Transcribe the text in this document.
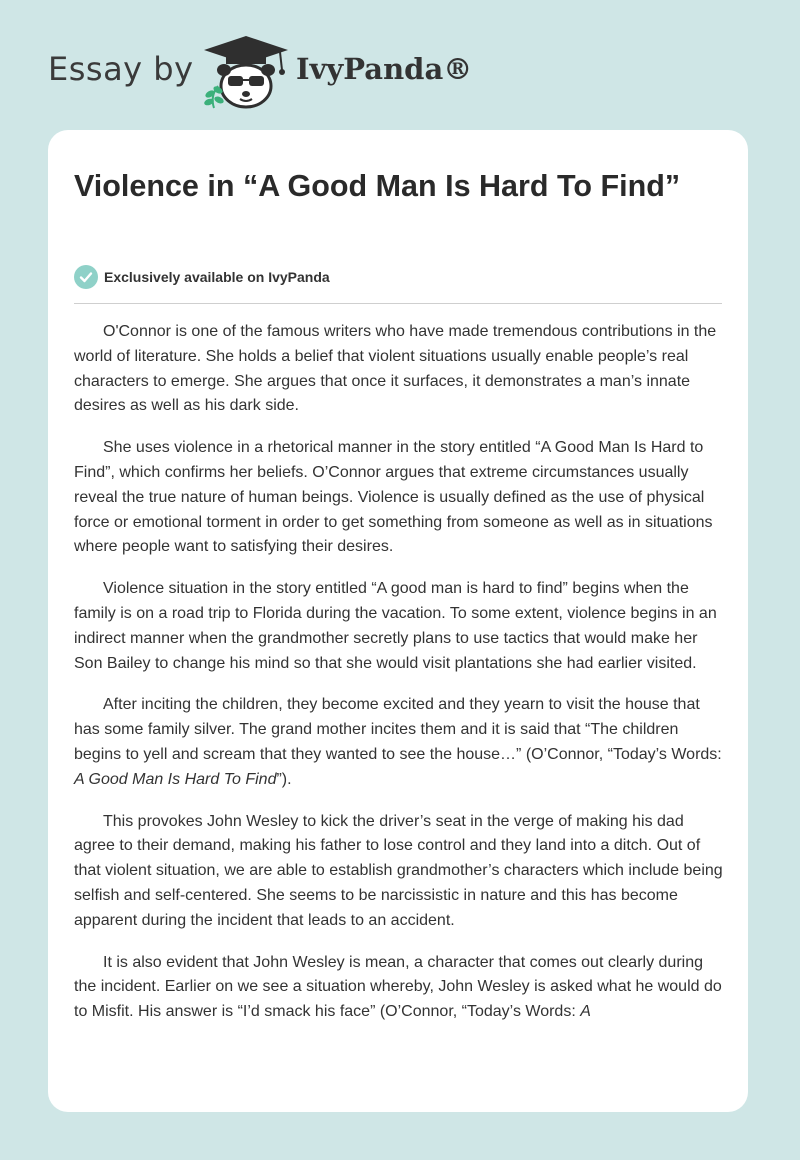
Essay by	IvyPanda®
Violence in “A Good Man Is Hard To Find”
Exclusively available on IvyPanda

O'Connor is one of the famous writers who have made tremendous contributions in the world of literature. She holds a belief that violent situations usually enable people’s real characters to emerge. She argues that once it surfaces, it demonstrates a man’s innate desires as well as his dark side.

She uses violence in a rhetorical manner in the story entitled “A Good Man Is Hard to Find”, which confirms her beliefs. O’Connor argues that extreme circumstances usually reveal the true nature of human beings. Violence is usually defined as the use of physical force or emotional torment in order to get something from someone as well as in situations where people want to satisfying their desires.

Violence situation in the story entitled “A good man is hard to find” begins when the family is on a road trip to Florida during the vacation. To some extent, violence begins in an indirect manner when the grandmother secretly plans to use tactics that would make her Son Bailey to change his mind so that she would visit plantations she had earlier visited.

After inciting the children, they become excited and they yearn to visit the house that has some family silver. The grand mother incites them and it is said that “The children begins to yell and scream that they wanted to see the house…” (O’Connor, “Today’s Words: A Good Man Is Hard To Find”).

This provokes John Wesley to kick the driver’s seat in the verge of making his dad agree to their demand, making his father to lose control and they land into a ditch. Out of that violent situation, we are able to establish grandmother’s characters which include being selfish and self-centered. She seems to be narcissistic in nature and this has become apparent during the incident that leads to an accident.

It is also evident that John Wesley is mean, a character that comes out clearly during the incident. Earlier on we see a situation whereby, John Wesley is asked what he would do to Misfit. His answer is “I’d smack his face” (O’Connor, “Today’s Words: A
